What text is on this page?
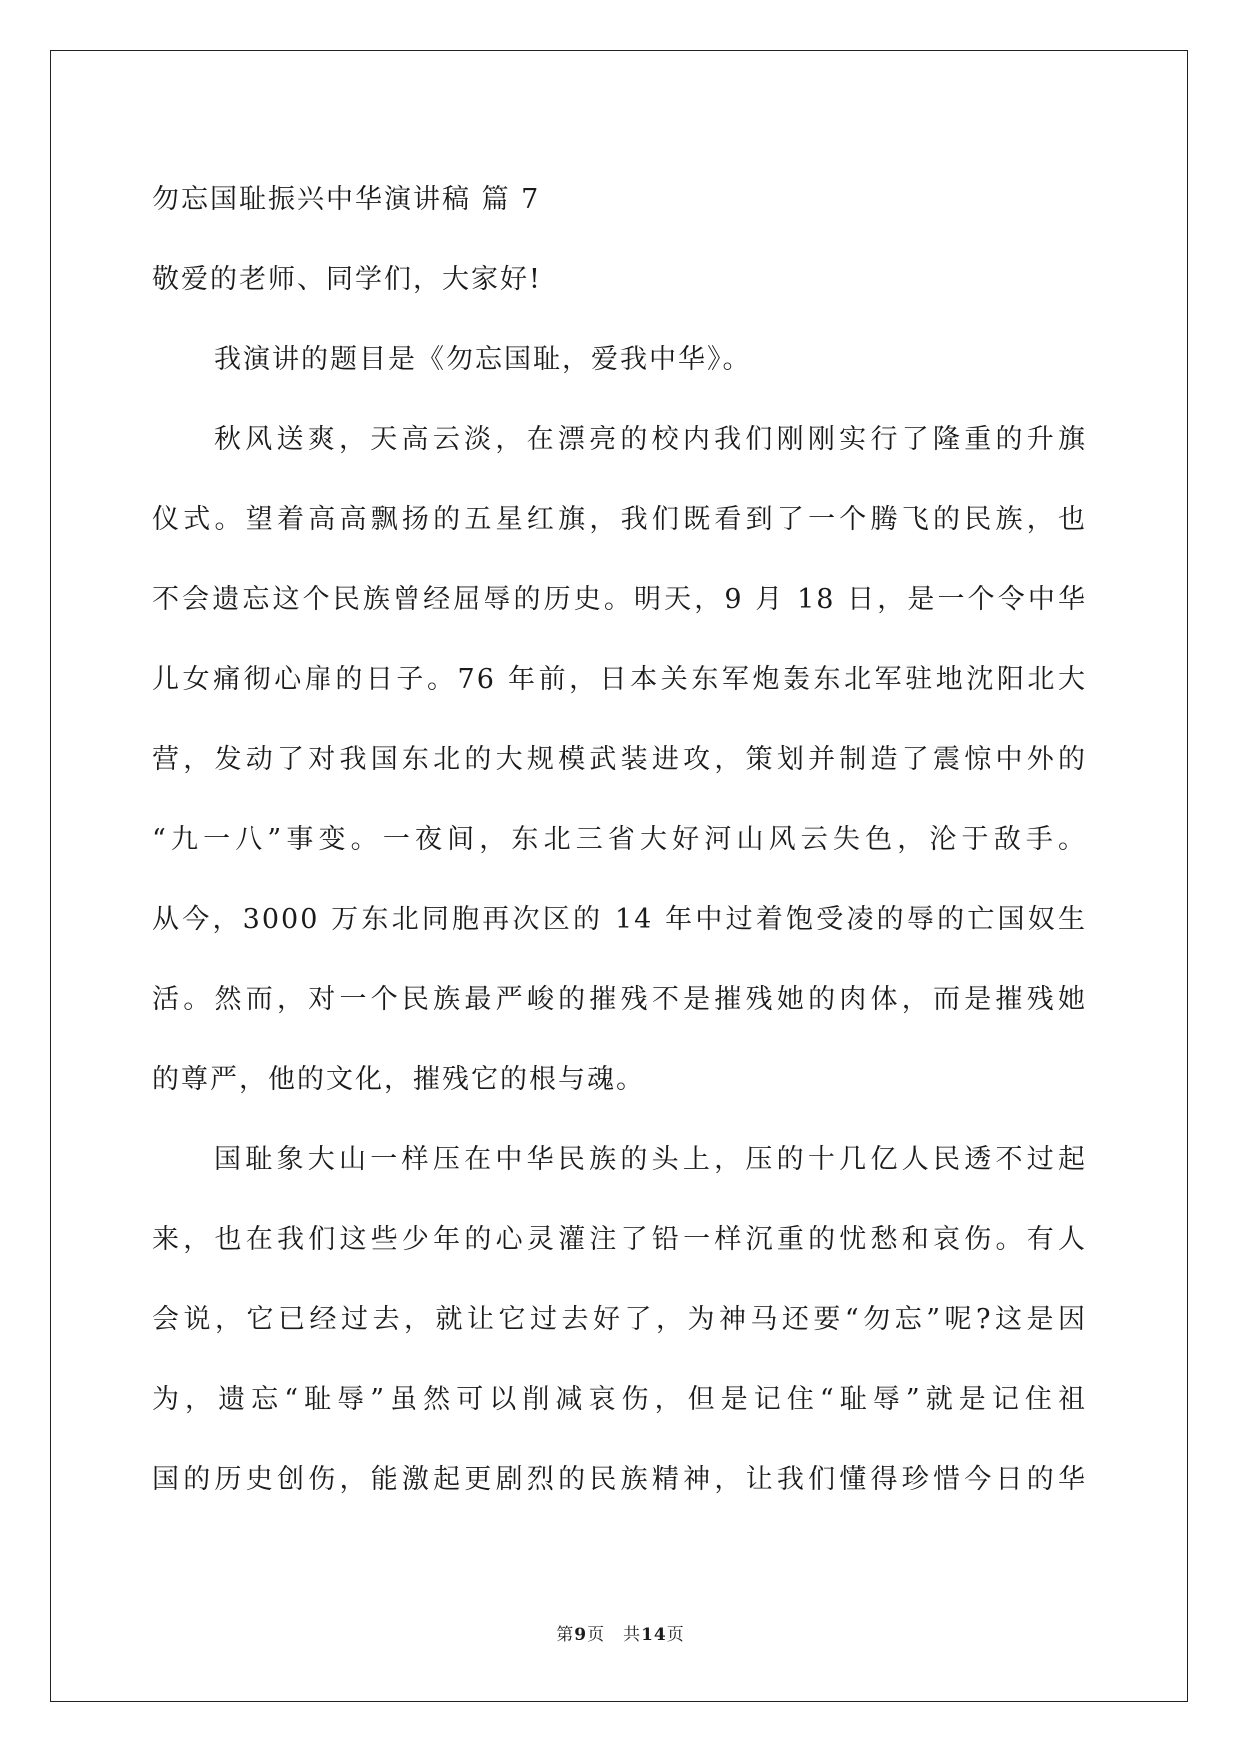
勿忘国耻振兴中华演讲稿 篇 7
敬爱的老师、同学们，大家好!
我演讲的题目是《勿忘国耻，爱我中华》。
秋风送爽，天高云淡，在漂亮的校内我们刚刚实行了隆重的升旗
仪式。望着高高飘扬的五星红旗，我们既看到了一个腾飞的民族，也
不会遗忘这个民族曾经屈辱的历史。明天，9 月 18 日，是一个令中华
儿女痛彻心扉的日子。76 年前，日本关东军炮轰东北军驻地沈阳北大
营，发动了对我国东北的大规模武装进攻，策划并制造了震惊中外的
“九一八”事变。一夜间，东北三省大好河山风云失色，沦于敌手。
从今，3000 万东北同胞再次区的 14 年中过着饱受凌的辱的亡国奴生
活。然而，对一个民族最严峻的摧残不是摧残她的肉体，而是摧残她
的尊严，他的文化，摧残它的根与魂。
国耻象大山一样压在中华民族的头上，压的十几亿人民透不过起
来，也在我们这些少年的心灵灌注了铅一样沉重的忧愁和哀伤。有人
会说，它已经过去，就让它过去好了，为神马还要“勿忘”呢?这是因
为，遗忘“耻辱”虽然可以削减哀伤，但是记住“耻辱”就是记住祖
国的历史创伤，能激起更剧烈的民族精神，让我们懂得珍惜今日的华
第9页 共14页
